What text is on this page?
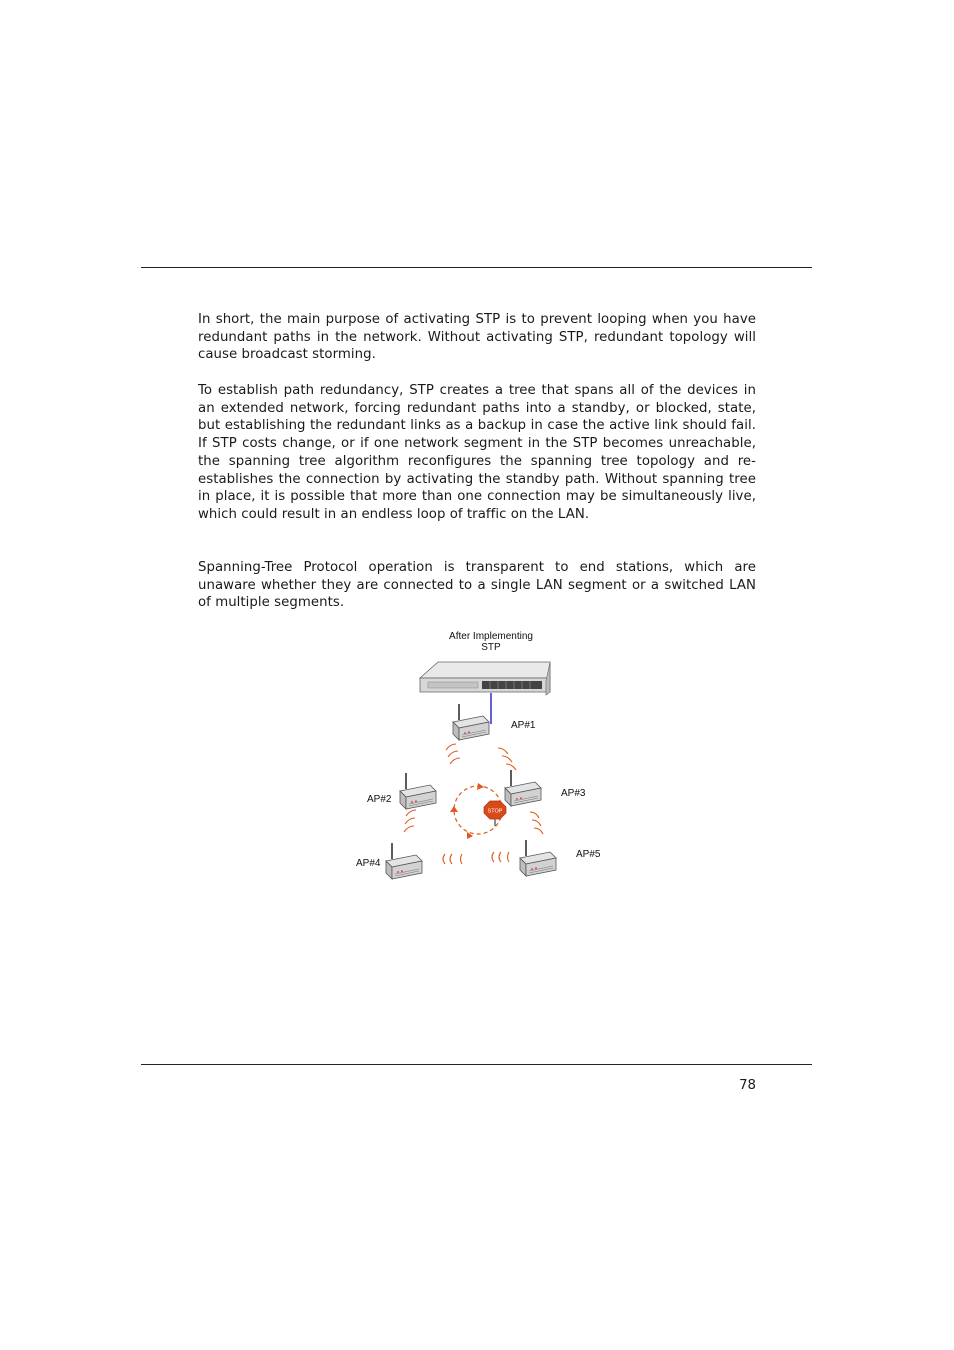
In short, the main purpose of activating STP is to prevent looping when you have redundant paths in the network. Without activating STP, redundant topology will cause broadcast storming.

To establish path redundancy, STP creates a tree that spans all of the devices in an extended network, forcing redundant paths into a standby, or blocked, state, but establishing the redundant links as a backup in case the active link should fail. If STP costs change, or if one network segment in the STP becomes unreachable, the spanning tree algorithm reconfigures the spanning tree topology and re-establishes the connection by activating the standby path. Without spanning tree in place, it is possible that more than one connection may be simultaneously live, which could result in an endless loop of traffic on the LAN.

Spanning-Tree Protocol operation is transparent to end stations, which are unaware whether they are connected to a single LAN segment or a switched LAN of multiple segments.

After Implementing
STP
AP#1
AP#2
AP#3
AP#4
AP#5
STOP
78
